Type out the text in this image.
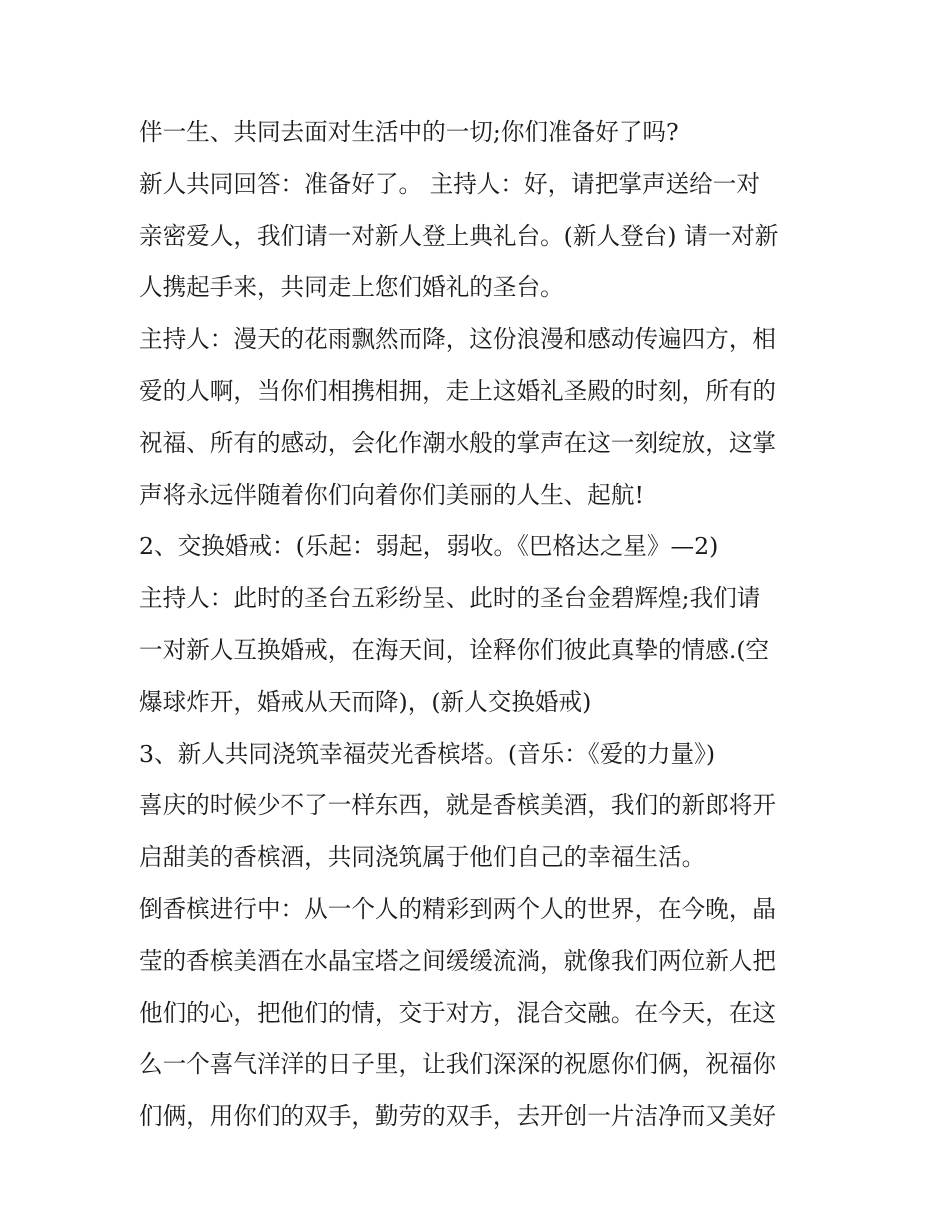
伴一生、共同去面对生活中的一切;你们准备好了吗?
新人共同回答：准备好了。 主持人：好，请把掌声送给一对
亲密爱人，我们请一对新人登上典礼台。(新人登台) 请一对新
人携起手来，共同走上您们婚礼的圣台。
主持人：漫天的花雨飘然而降，这份浪漫和感动传遍四方，相
爱的人啊，当你们相携相拥，走上这婚礼圣殿的时刻，所有的
祝福、所有的感动，会化作潮水般的掌声在这一刻绽放，这掌
声将永远伴随着你们向着你们美丽的人生、起航!
2、交换婚戒：(乐起：弱起，弱收。《巴格达之星》—2)
主持人：此时的圣台五彩纷呈、此时的圣台金碧辉煌;我们请
一对新人互换婚戒，在海天间，诠释你们彼此真挚的情感.(空
爆球炸开，婚戒从天而降)，(新人交换婚戒)
3、新人共同浇筑幸福荧光香槟塔。(音乐：《爱的力量》)
喜庆的时候少不了一样东西，就是香槟美酒，我们的新郎将开
启甜美的香槟酒，共同浇筑属于他们自己的幸福生活。
倒香槟进行中：从一个人的精彩到两个人的世界，在今晚，晶
莹的香槟美酒在水晶宝塔之间缓缓流淌，就像我们两位新人把
他们的心，把他们的情，交于对方，混合交融。在今天，在这
么一个喜气洋洋的日子里，让我们深深的祝愿你们俩，祝福你
们俩，用你们的双手，勤劳的双手，去开创一片洁净而又美好
